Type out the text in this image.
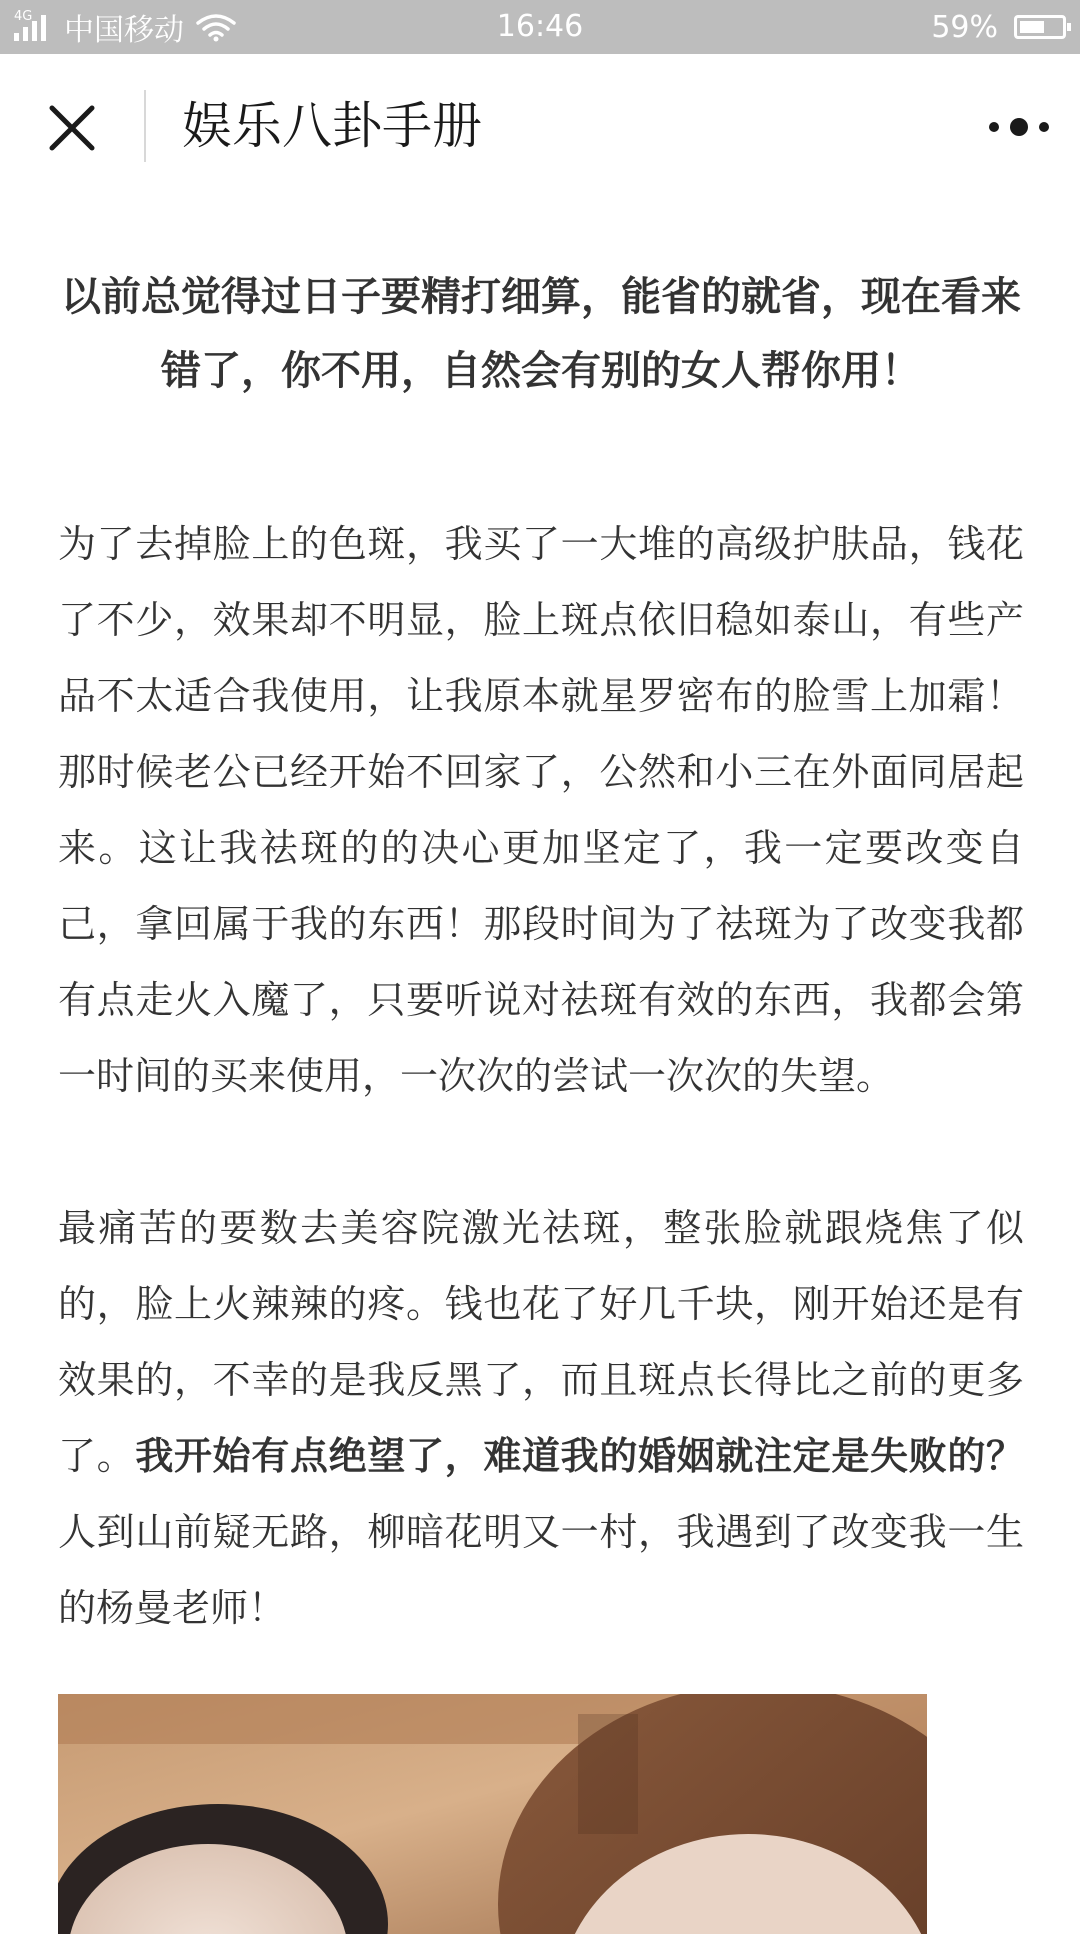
4G 中国移动	16:46	59%
娱乐八卦手册

以前总觉得过日子要精打细算，能省的就省，现在看来错了，你不用，自然会有别的女人帮你用！

为了去掉脸上的色斑，我买了一大堆的高级护肤品，钱花了不少，效果却不明显，脸上斑点依旧稳如泰山，有些产品不太适合我使用，让我原本就星罗密布的脸雪上加霜！那时候老公已经开始不回家了，公然和小三在外面同居起来。这让我祛斑的的决心更加坚定了，我一定要改变自己，拿回属于我的东西！那段时间为了祛斑为了改变我都有点走火入魔了，只要听说对祛斑有效的东西，我都会第一时间的买来使用，一次次的尝试一次次的失望。

最痛苦的要数去美容院激光祛斑，整张脸就跟烧焦了似的，脸上火辣辣的疼。钱也花了好几千块，刚开始还是有效果的，不幸的是我反黑了，而且斑点长得比之前的更多了。我开始有点绝望了，难道我的婚姻就注定是失败的？人到山前疑无路，柳暗花明又一村，我遇到了改变我一生的杨曼老师！
